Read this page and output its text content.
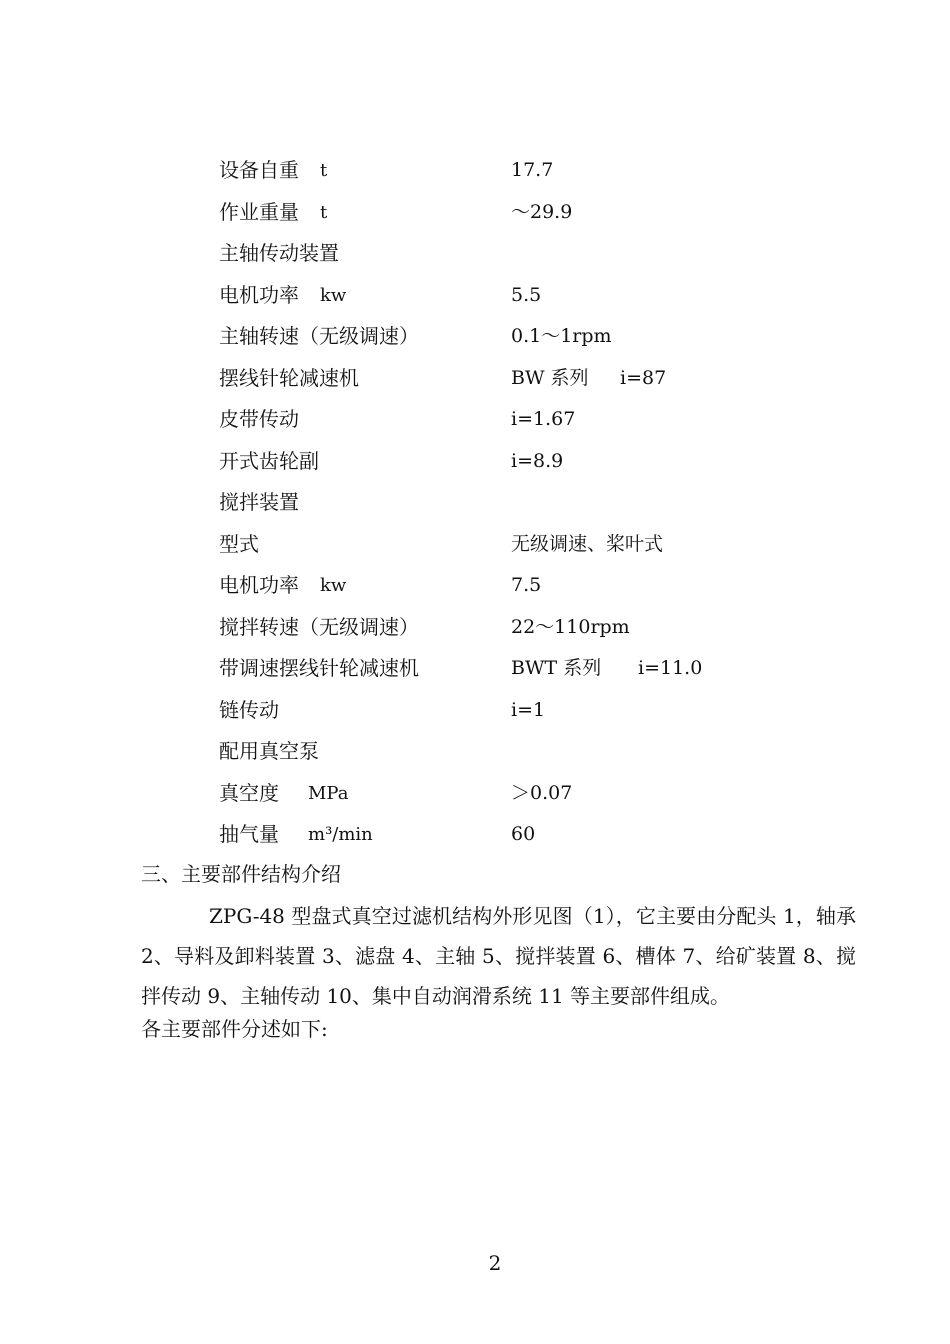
设备自重 t	17.7
作业重量 t	～29.9
主轴传动装置
电机功率 kw	5.5
主轴转速（无级调速）	0.1～1rpm
摆线针轮减速机	BW 系列 i=87
皮带传动	i=1.67
开式齿轮副	i=8.9
搅拌装置
型式	无级调速、桨叶式
电机功率 kw	7.5
搅拌转速（无级调速）	22～110rpm
带调速摆线针轮减速机	BWT 系列 i=11.0
链传动	i=1
配用真空泵
真空度 MPa	＞0.07
抽气量 m³/min	60
三、主要部件结构介绍
ZPG-48 型盘式真空过滤机结构外形见图（1），它主要由分配头 1，轴承 2、导料及卸料装置 3、滤盘 4、主轴 5、搅拌装置 6、槽体 7、给矿装置 8、搅拌传动 9、主轴传动 10、集中自动润滑系统 11 等主要部件组成。
各主要部件分述如下:
2
